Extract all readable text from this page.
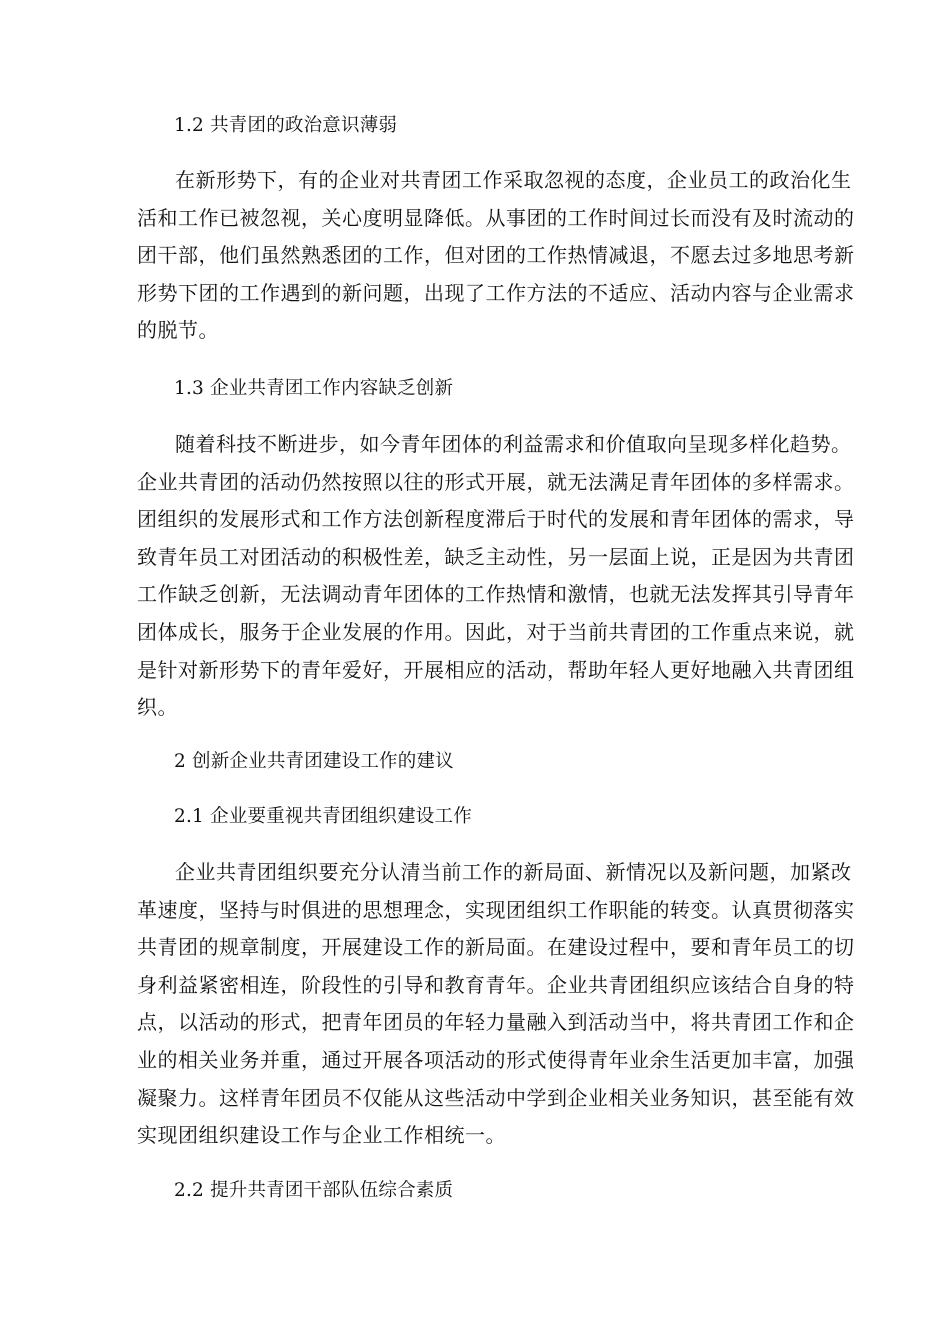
1.2 共青团的政治意识薄弱
在新形势下，有的企业对共青团工作采取忽视的态度，企业员工的政治化生
活和工作已被忽视，关心度明显降低。从事团的工作时间过长而没有及时流动的
团干部，他们虽然熟悉团的工作，但对团的工作热情减退，不愿去过多地思考新
形势下团的工作遇到的新问题，出现了工作方法的不适应、活动内容与企业需求
的脱节。
1.3 企业共青团工作内容缺乏创新
随着科技不断进步，如今青年团体的利益需求和价值取向呈现多样化趋势。
企业共青团的活动仍然按照以往的形式开展，就无法满足青年团体的多样需求。
团组织的发展形式和工作方法创新程度滞后于时代的发展和青年团体的需求，导
致青年员工对团活动的积极性差，缺乏主动性，另一层面上说，正是因为共青团
工作缺乏创新，无法调动青年团体的工作热情和激情，也就无法发挥其引导青年
团体成长，服务于企业发展的作用。因此，对于当前共青团的工作重点来说，就
是针对新形势下的青年爱好，开展相应的活动，帮助年轻人更好地融入共青团组
织。
2 创新企业共青团建设工作的建议
2.1 企业要重视共青团组织建设工作
企业共青团组织要充分认清当前工作的新局面、新情况以及新问题，加紧改
革速度，坚持与时俱进的思想理念，实现团组织工作职能的转变。认真贯彻落实
共青团的规章制度，开展建设工作的新局面。在建设过程中，要和青年员工的切
身利益紧密相连，阶段性的引导和教育青年。企业共青团组织应该结合自身的特
点，以活动的形式，把青年团员的年轻力量融入到活动当中，将共青团工作和企
业的相关业务并重，通过开展各项活动的形式使得青年业余生活更加丰富，加强
凝聚力。这样青年团员不仅能从这些活动中学到企业相关业务知识，甚至能有效
实现团组织建设工作与企业工作相统一。
2.2 提升共青团干部队伍综合素质
